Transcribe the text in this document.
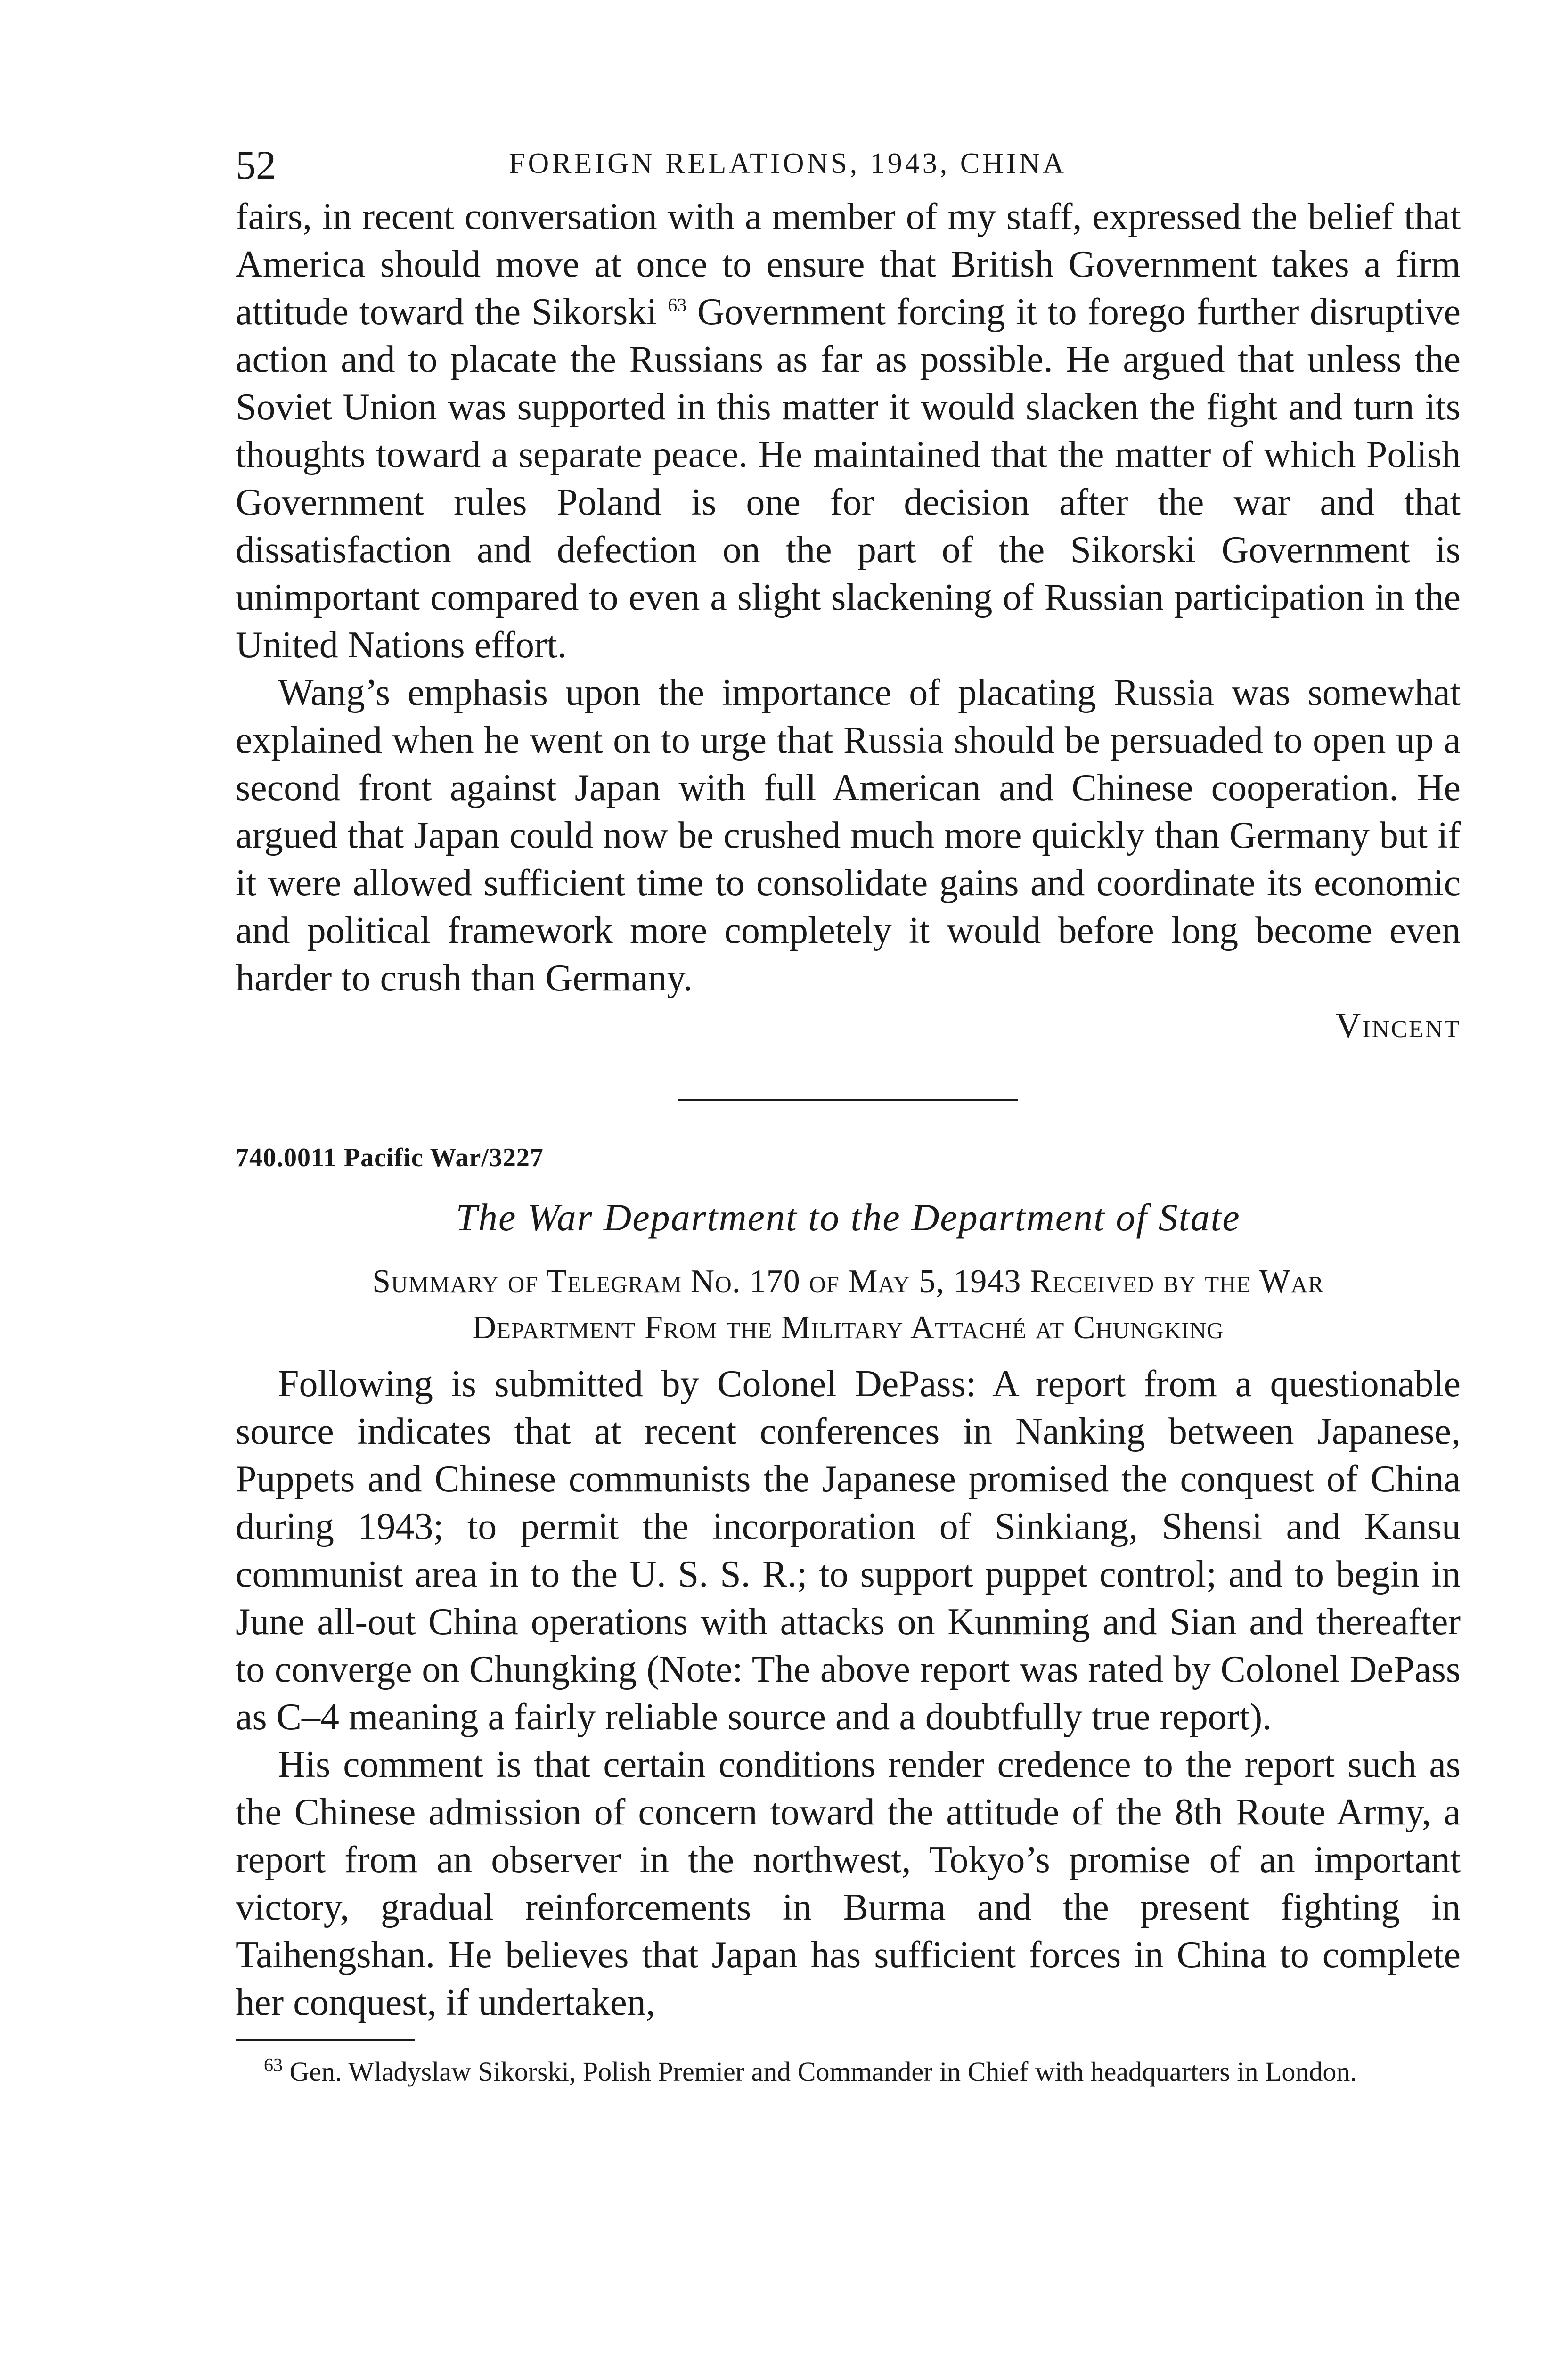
52	FOREIGN RELATIONS, 1943, CHINA

fairs, in recent conversation with a member of my staff, expressed the belief that America should move at once to ensure that British Government takes a firm attitude toward the Sikorski $^{63}$ Government forcing it to forego further disruptive action and to placate the Russians as far as possible. He argued that unless the Soviet Union was supported in this matter it would slacken the fight and turn its thoughts toward a separate peace. He maintained that the matter of which Polish Government rules Poland is one for decision after the war and that dissatisfaction and defection on the part of the Sikorski Government is unimportant compared to even a slight slackening of Russian participation in the United Nations effort.

Wang’s emphasis upon the importance of placating Russia was somewhat explained when he went on to urge that Russia should be persuaded to open up a second front against Japan with full American and Chinese cooperation. He argued that Japan could now be crushed much more quickly than Germany but if it were allowed sufficient time to consolidate gains and coordinate its economic and political framework more completely it would before long become even harder to crush than Germany.

Vincent
740.0011 Pacific War/3227
The War Department to the Department of State
Summary of Telegram No. 170 of May 5, 1943 Received by the War
Department From the Military Attaché at Chungking

Following is submitted by Colonel DePass: A report from a questionable source indicates that at recent conferences in Nanking between Japanese, Puppets and Chinese communists the Japanese promised the conquest of China during 1943; to permit the incorporation of Sinkiang, Shensi and Kansu communist area in to the U. S. S. R.; to support puppet control; and to begin in June all-out China operations with attacks on Kunming and Sian and thereafter to converge on Chungking (Note: The above report was rated by Colonel DePass as C–4 meaning a fairly reliable source and a doubtfully true report).

His comment is that certain conditions render credence to the report such as the Chinese admission of concern toward the attitude of the 8th Route Army, a report from an observer in the northwest, Tokyo’s promise of an important victory, gradual reinforcements in Burma and the present fighting in Taihengshan. He believes that Japan has sufficient forces in China to complete her conquest, if undertaken,

$^{63}$ Gen. Wladyslaw Sikorski, Polish Premier and Commander in Chief with headquarters in London.
